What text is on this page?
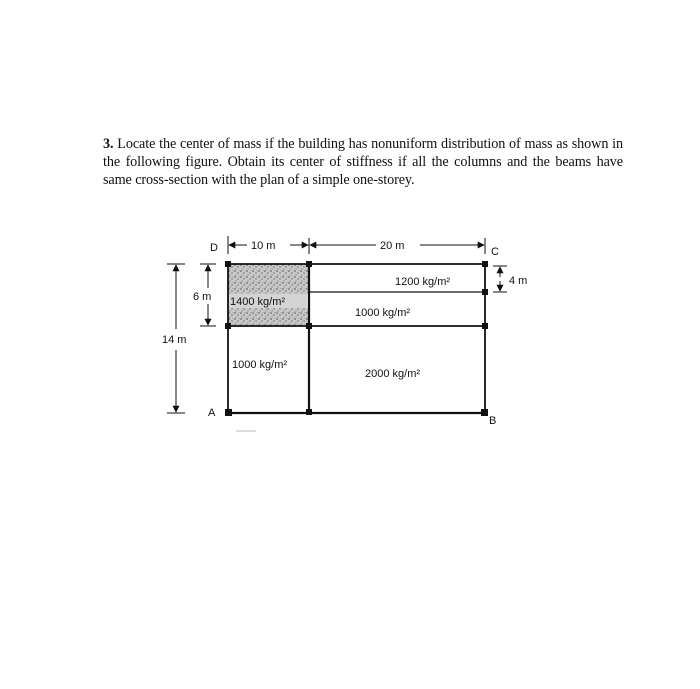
3. Locate the center of mass if the building has nonuniform distribution of mass as shown in the following figure. Obtain its center of stiffness if all the columns and the beams have same cross-section with the plan of a simple one-storey.
10 m	20 m
14 m
6 m
4 m
D	C
A
B
1400 kg/m²
1200 kg/m²
1000 kg/m²
1000 kg/m²
2000 kg/m²
